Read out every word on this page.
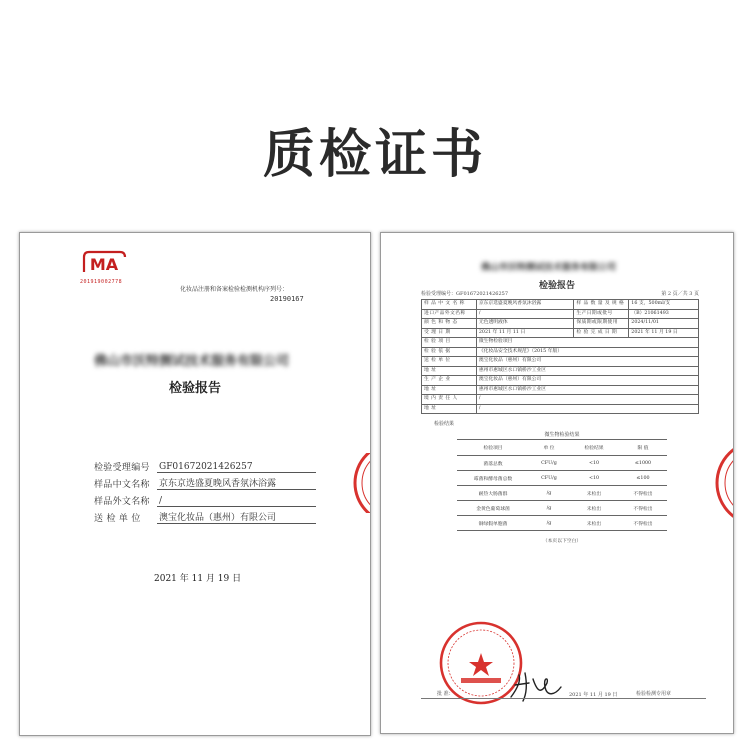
质检证书
MA
201919002778
化妆品注册和备案检验检测机构序列号：
20190167
佛山市沃特测试技术服务有限公司
检验报告
检验受理编号	GF01672021426257
样品中文名称	京东京选盛夏晚风香氛沐浴露
样品外文名称	/
送 检 单 位	澳宝化妆品（惠州）有限公司
2021 年 11 月 19 日
佛山市沃特测试技术服务有限公司
检验报告
检验受理编号：GF01672021426257	第 2 页／共 3 页
样 品 中 文 名 称	京东京选盛夏晚风香氛沐浴露	样 品 数 量 及 规 格	16 支，500ml/支
进口产品外文名称	/	生产日期或批号	（B）21061493
颜 色 和 物 态	无色透明液体	保质期或限期使用	2024/11/01
受 理 日 期	2021 年 11 月 11 日	检 验 完 成 日 期	2021 年 11 月 19 日
检 验 项 目	微生物检验项目		
检 验 依 据	《化妆品安全技术规范》（2015 年版）		
送 检 单 位	澳宝化妆品（惠州）有限公司		
地 址	惠州市惠城区水口镇桥沙工业区		
生 产 企 业	澳宝化妆品（惠州）有限公司		
地 址	惠州市惠城区水口镇桥沙工业区		
境 内 责 任 人	/		
地 址	/		
检验结果
微生物检验结果
检验项目	单 位	检验结果	限 值
菌落总数	CFU/g	<10	≤1000
霉菌和酵母菌总数	CFU/g	<10	≤100
耐热大肠菌群	/g	未检出	不得检出
金黄色葡萄球菌	/g	未检出	不得检出
铜绿假单胞菌	/g	未检出	不得检出
（本页以下空白）
批 准：	2021 年 11 月 19 日	检验检测专用章
